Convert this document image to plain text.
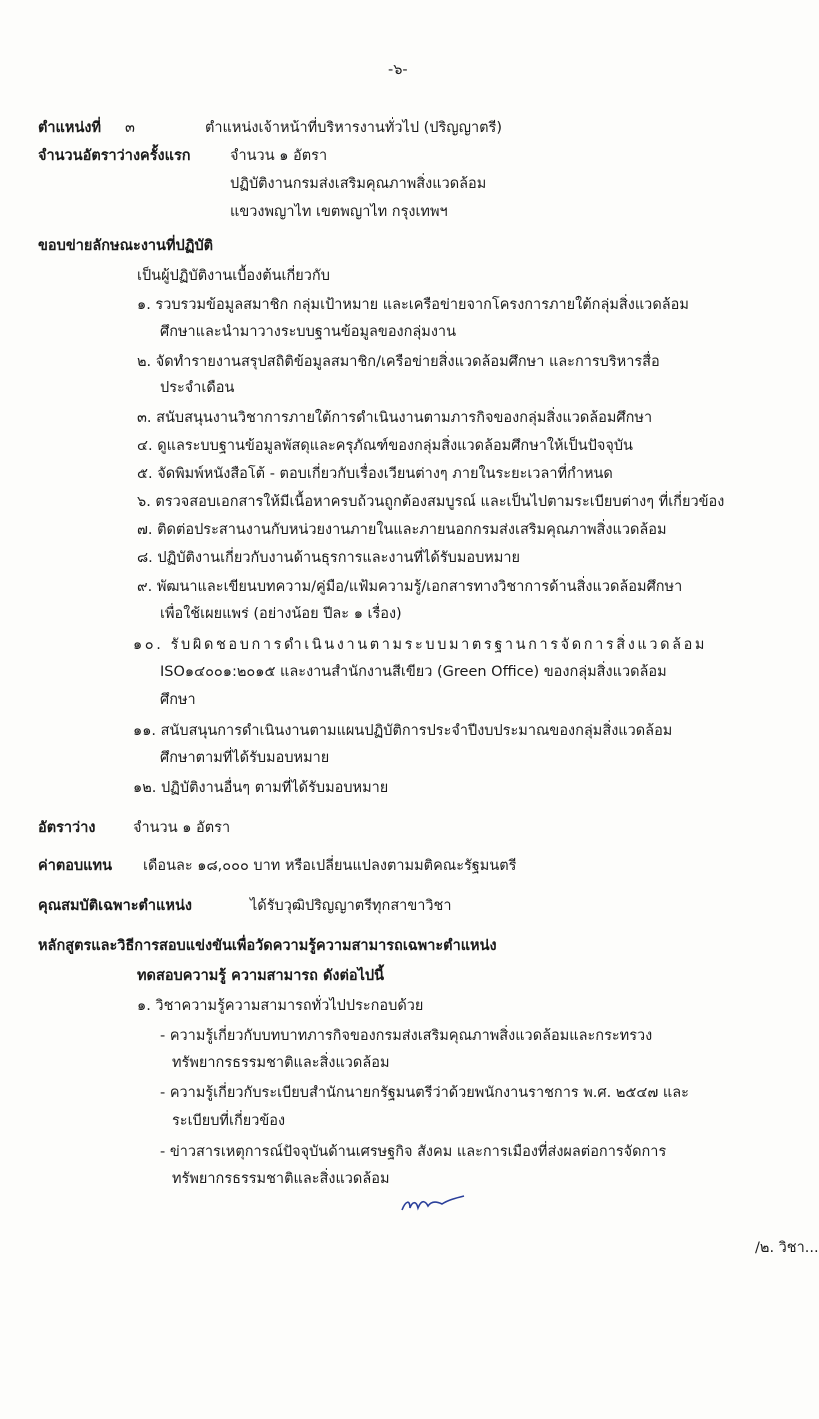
-๖-
ตำแหน่งที่ ๓	ตำแหน่งเจ้าหน้าที่บริหารงานทั่วไป (ปริญญาตรี)
จำนวนอัตราว่างครั้งแรก	จำนวน ๑ อัตรา
ปฏิบัติงานกรมส่งเสริมคุณภาพสิ่งแวดล้อม
แขวงพญาไท เขตพญาไท กรุงเทพฯ
ขอบข่ายลักษณะงานที่ปฏิบัติ
เป็นผู้ปฏิบัติงานเบื้องต้นเกี่ยวกับ
๑. รวบรวมข้อมูลสมาชิก กลุ่มเป้าหมาย และเครือข่ายจากโครงการภายใต้กลุ่มสิ่งแวดล้อม
ศึกษาและนำมาวางระบบฐานข้อมูลของกลุ่มงาน
๒. จัดทำรายงานสรุปสถิติข้อมูลสมาชิก/เครือข่ายสิ่งแวดล้อมศึกษา และการบริหารสื่อ
ประจำเดือน
๓. สนับสนุนงานวิชาการภายใต้การดำเนินงานตามภารกิจของกลุ่มสิ่งแวดล้อมศึกษา
๔. ดูแลระบบฐานข้อมูลพัสดุและครุภัณฑ์ของกลุ่มสิ่งแวดล้อมศึกษาให้เป็นปัจจุบัน
๕. จัดพิมพ์หนังสือโต้ - ตอบเกี่ยวกับเรื่องเวียนต่างๆ ภายในระยะเวลาที่กำหนด
๖. ตรวจสอบเอกสารให้มีเนื้อหาครบถ้วนถูกต้องสมบูรณ์ และเป็นไปตามระเบียบต่างๆ ที่เกี่ยวข้อง
๗. ติดต่อประสานงานกับหน่วยงานภายในและภายนอกกรมส่งเสริมคุณภาพสิ่งแวดล้อม
๘. ปฏิบัติงานเกี่ยวกับงานด้านธุรการและงานที่ได้รับมอบหมาย
๙. พัฒนาและเขียนบทความ/คู่มือ/แฟ้มความรู้/เอกสารทางวิชาการด้านสิ่งแวดล้อมศึกษา
เพื่อใช้เผยแพร่ (อย่างน้อย ปีละ ๑ เรื่อง)
๑๐. รับผิดชอบการดำเนินงานตามระบบมาตรฐานการจัดการสิ่งแวดล้อม
ISO๑๔๐๐๑:๒๐๑๕ และงานสำนักงานสีเขียว (Green Office) ของกลุ่มสิ่งแวดล้อม
ศึกษา
๑๑. สนับสนุนการดำเนินงานตามแผนปฏิบัติการประจำปีงบประมาณของกลุ่มสิ่งแวดล้อม
ศึกษาตามที่ได้รับมอบหมาย
๑๒. ปฏิบัติงานอื่นๆ ตามที่ได้รับมอบหมาย
อัตราว่าง	จำนวน ๑ อัตรา
ค่าตอบแทน เดือนละ ๑๘,๐๐๐ บาท หรือเปลี่ยนแปลงตามมติคณะรัฐมนตรี
คุณสมบัติเฉพาะตำแหน่ง	ได้รับวุฒิปริญญาตรีทุกสาขาวิชา
หลักสูตรและวิธีการสอบแข่งขันเพื่อวัดความรู้ความสามารถเฉพาะตำแหน่ง
ทดสอบความรู้ ความสามารถ ดังต่อไปนี้
๑. วิชาความรู้ความสามารถทั่วไปประกอบด้วย
- ความรู้เกี่ยวกับบทบาทภารกิจของกรมส่งเสริมคุณภาพสิ่งแวดล้อมและกระทรวง
ทรัพยากรธรรมชาติและสิ่งแวดล้อม
- ความรู้เกี่ยวกับระเบียบสำนักนายกรัฐมนตรีว่าด้วยพนักงานราชการ พ.ศ. ๒๕๔๗ และ
ระเบียบที่เกี่ยวข้อง
- ข่าวสารเหตุการณ์ปัจจุบันด้านเศรษฐกิจ สังคม และการเมืองที่ส่งผลต่อการจัดการ
ทรัพยากรธรรมชาติและสิ่งแวดล้อม
/๒. วิชา...
